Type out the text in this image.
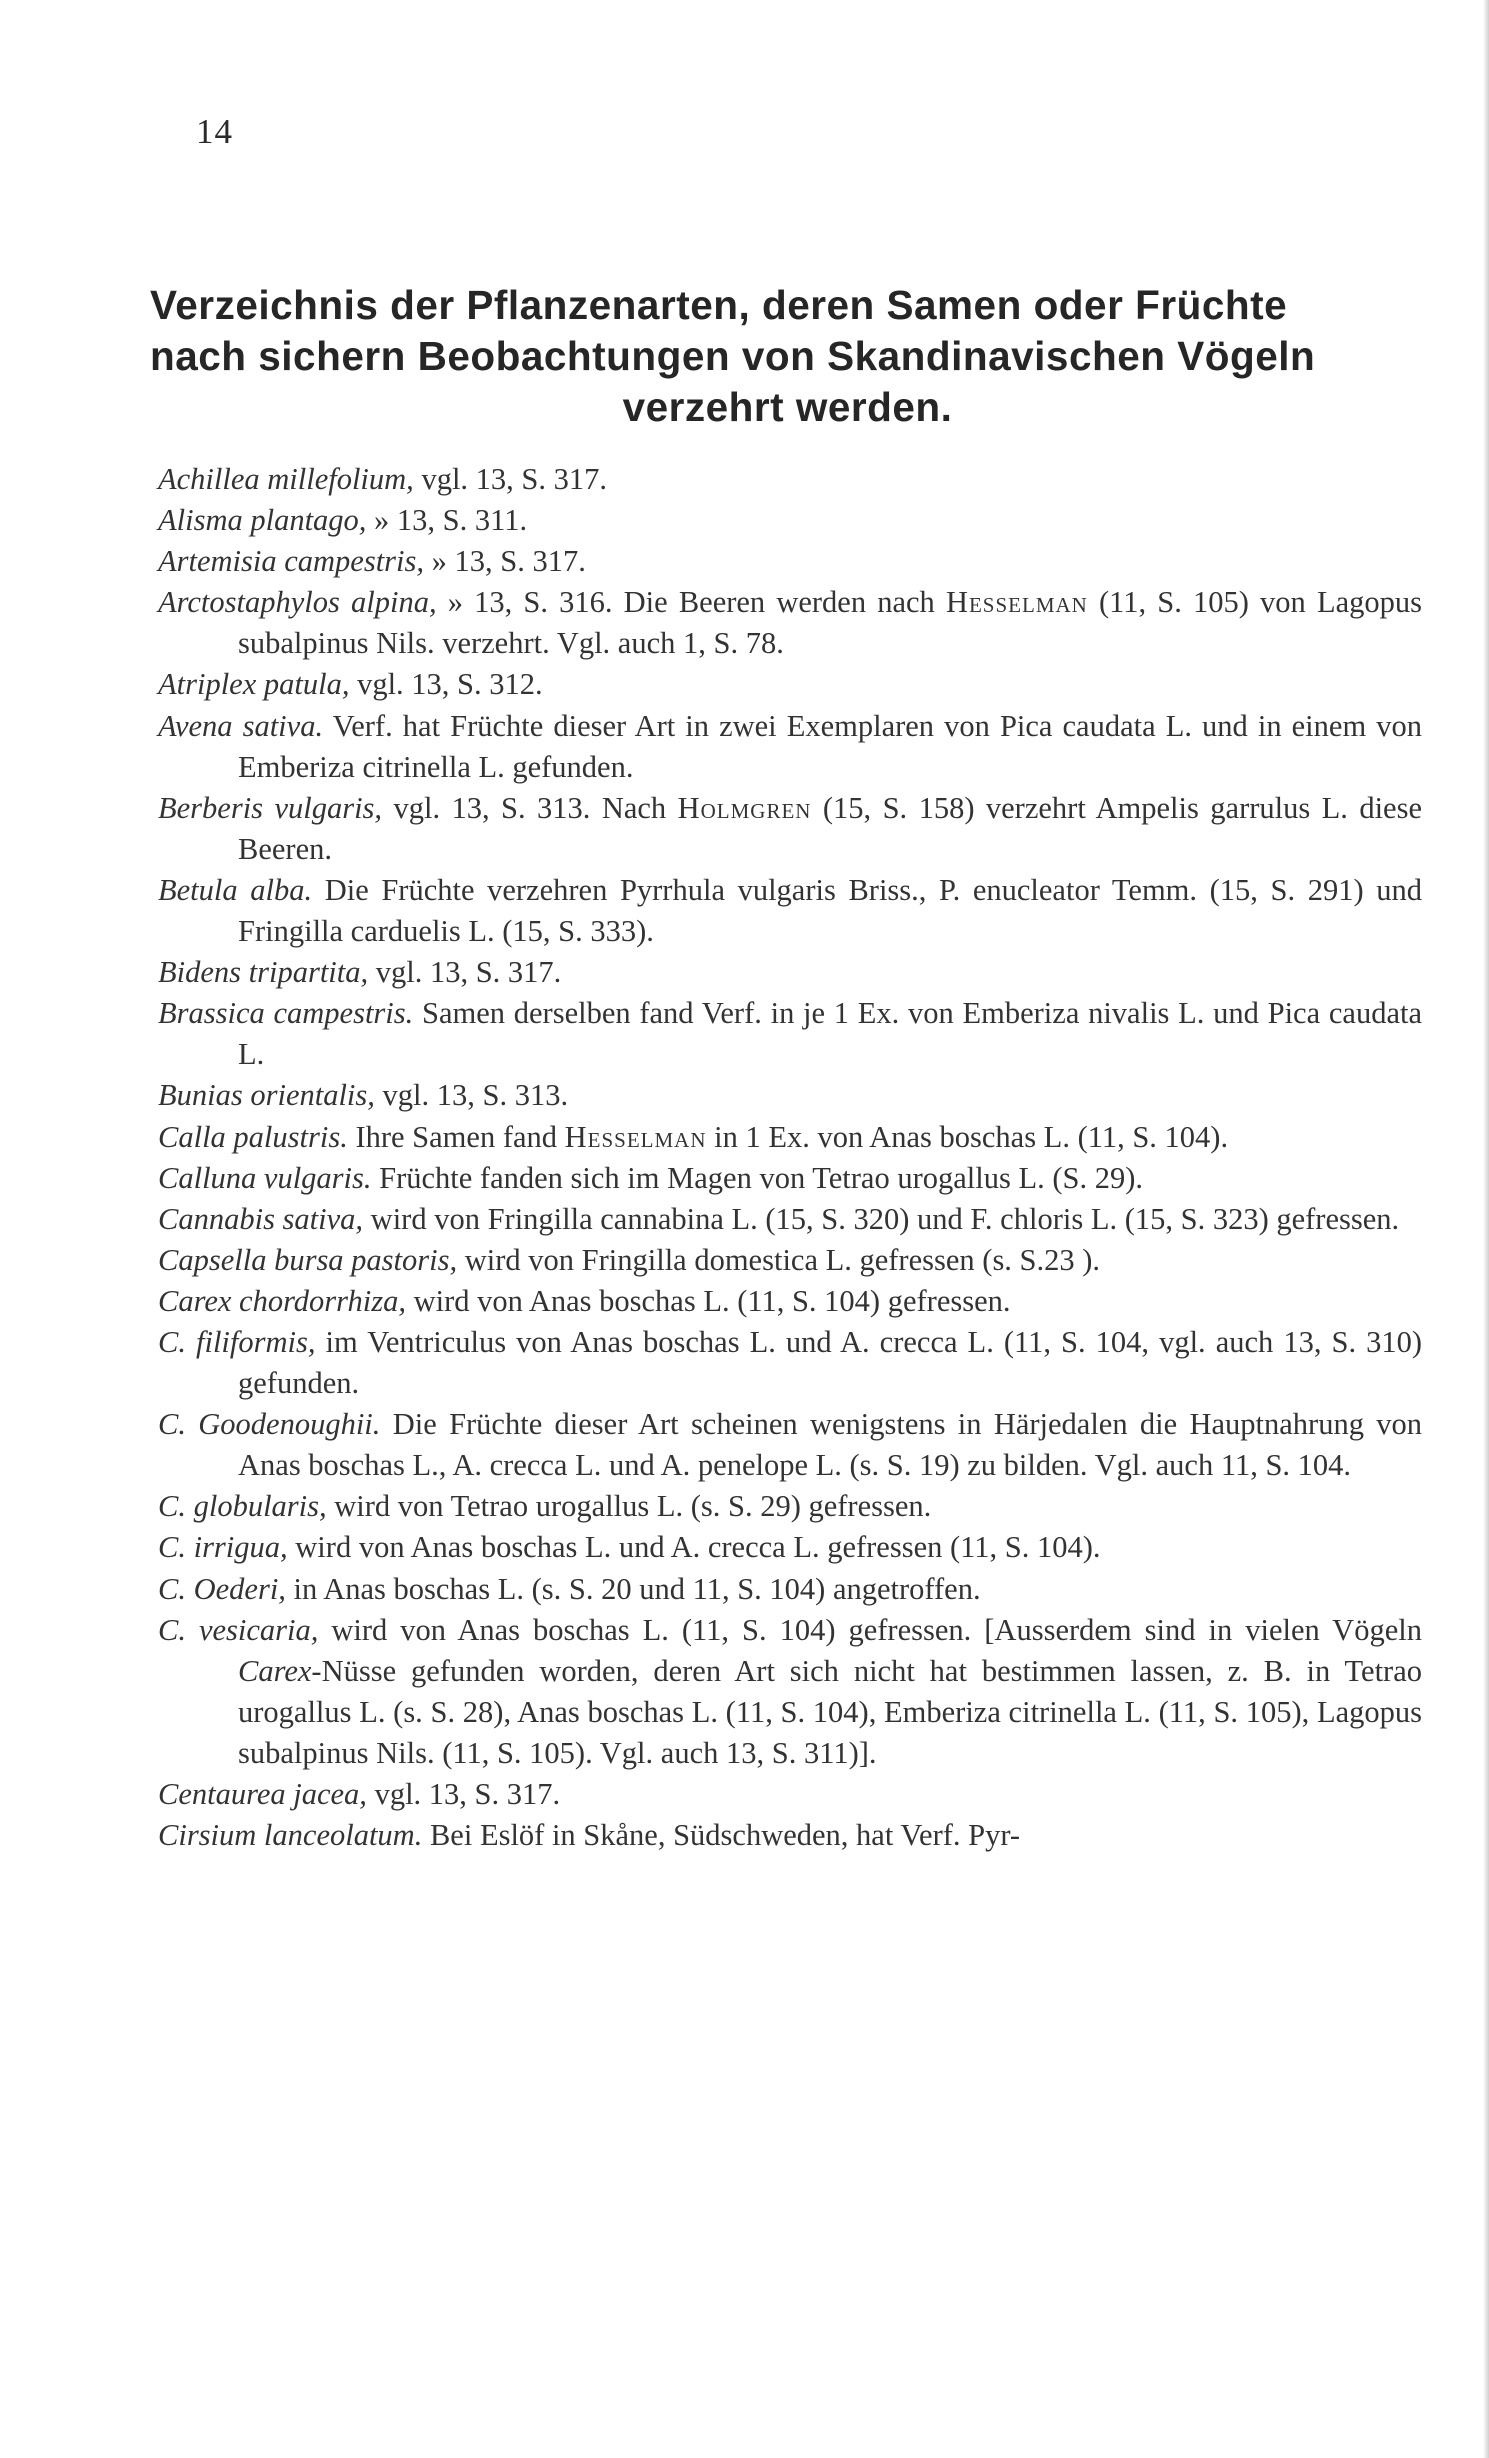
14
Verzeichnis der Pflanzenarten, deren Samen oder Früchte
nach sichern Beobachtungen von Skandinavischen Vögeln
verzehrt werden.

Achillea millefolium, vgl. 13, S. 317.

Alisma plantago, » 13, S. 311.

Artemisia campestris, » 13, S. 317.

Arctostaphylos alpina, » 13, S. 316. Die Beeren werden nach Hesselman (11, S. 105) von Lagopus subalpinus Nils. verzehrt. Vgl. auch 1, S. 78.

Atriplex patula, vgl. 13, S. 312.

Avena sativa. Verf. hat Früchte dieser Art in zwei Exemplaren von Pica caudata L. und in einem von Emberiza citrinella L. gefunden.

Berberis vulgaris, vgl. 13, S. 313. Nach Holmgren (15, S. 158) verzehrt Ampelis garrulus L. diese Beeren.

Betula alba. Die Früchte verzehren Pyrrhula vulgaris Briss., P. enucleator Temm. (15, S. 291) und Fringilla carduelis L. (15, S. 333).

Bidens tripartita, vgl. 13, S. 317.

Brassica campestris. Samen derselben fand Verf. in je 1 Ex. von Emberiza nivalis L. und Pica caudata L.

Bunias orientalis, vgl. 13, S. 313.

Calla palustris. Ihre Samen fand Hesselman in 1 Ex. von Anas boschas L. (11, S. 104).

Calluna vulgaris. Früchte fanden sich im Magen von Tetrao urogallus L. (S. 29).

Cannabis sativa, wird von Fringilla cannabina L. (15, S. 320) und F. chloris L. (15, S. 323) gefressen.

Capsella bursa pastoris, wird von Fringilla domestica L. gefressen (s. S.23 ).

Carex chordorrhiza, wird von Anas boschas L. (11, S. 104) gefressen.

C. filiformis, im Ventriculus von Anas boschas L. und A. crecca L. (11, S. 104, vgl. auch 13, S. 310) gefunden.

C. Goodenoughii. Die Früchte dieser Art scheinen wenigstens in Härjedalen die Hauptnahrung von Anas boschas L., A. crecca L. und A. penelope L. (s. S. 19) zu bilden. Vgl. auch 11, S. 104.

C. globularis, wird von Tetrao urogallus L. (s. S. 29) gefressen.

C. irrigua, wird von Anas boschas L. und A. crecca L. gefressen (11, S. 104).

C. Oederi, in Anas boschas L. (s. S. 20 und 11, S. 104) angetroffen.

C. vesicaria, wird von Anas boschas L. (11, S. 104) gefressen. [Ausserdem sind in vielen Vögeln Carex-Nüsse gefunden worden, deren Art sich nicht hat bestimmen lassen, z. B. in Tetrao urogallus L. (s. S. 28), Anas boschas L. (11, S. 104), Emberiza citrinella L. (11, S. 105), Lagopus subalpinus Nils. (11, S. 105). Vgl. auch 13, S. 311)].

Centaurea jacea, vgl. 13, S. 317.

Cirsium lanceolatum. Bei Eslöf in Skåne, Südschweden, hat Verf. Pyr-
